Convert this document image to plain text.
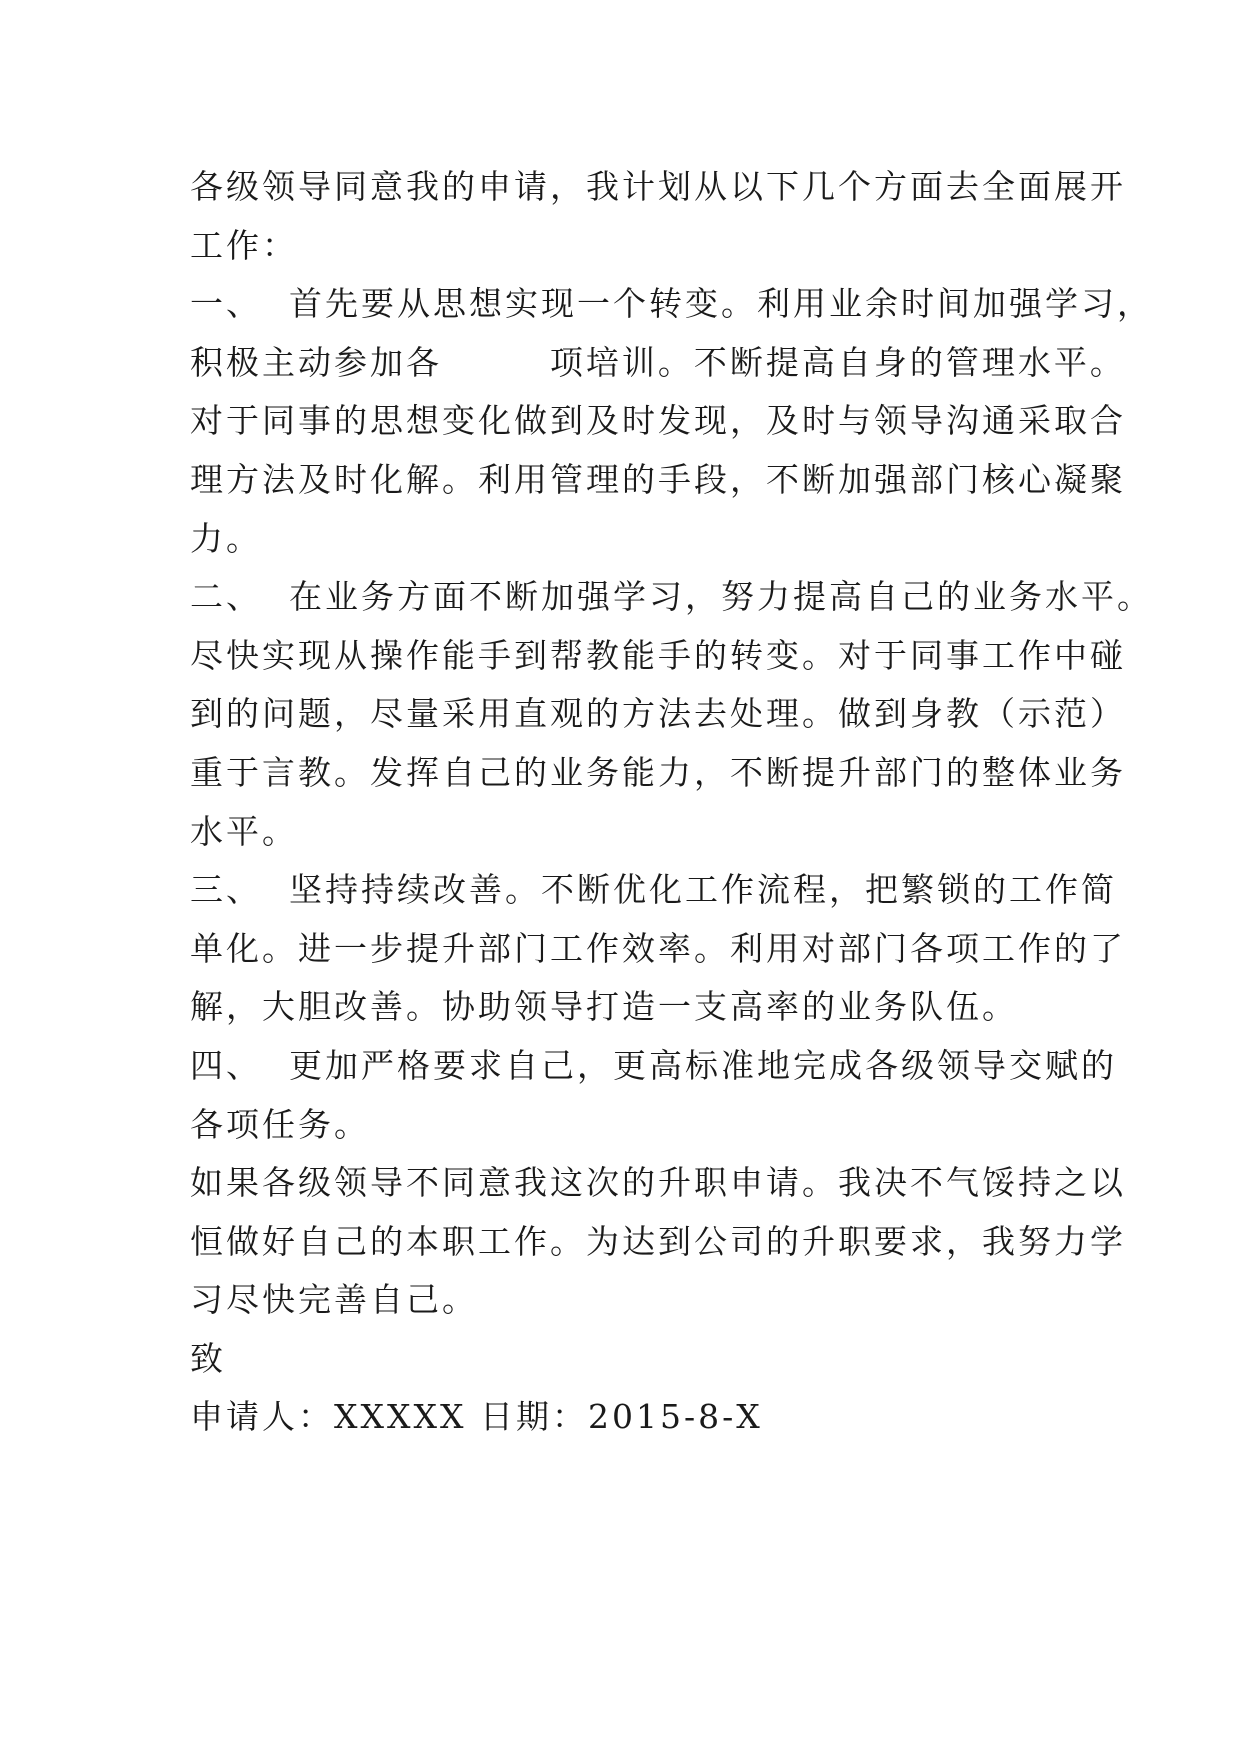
各级领导同意我的申请，我计划从以下几个方面去全面展开
工作：
一、  首先要从思想实现一个转变。利用业余时间加强学习，
积极主动参加各        项培训。不断提高自身的管理水平。
对于同事的思想变化做到及时发现，及时与领导沟通采取合
理方法及时化解。利用管理的手段，不断加强部门核心凝聚
力。
二、  在业务方面不断加强学习，努力提高自己的业务水平。
尽快实现从操作能手到帮教能手的转变。对于同事工作中碰
到的问题，尽量采用直观的方法去处理。做到身教（示范）
重于言教。发挥自己的业务能力，不断提升部门的整体业务
水平。
三、  坚持持续改善。不断优化工作流程，把繁锁的工作简
单化。进一步提升部门工作效率。利用对部门各项工作的了
解，大胆改善。协助领导打造一支高率的业务队伍。
四、  更加严格要求自己，更高标准地完成各级领导交赋的
各项任务。
如果各级领导不同意我这次的升职申请。我决不气馁持之以
恒做好自己的本职工作。为达到公司的升职要求，我努力学
习尽快完善自己。
致
申请人：XXXXX 日期：2015-8-X
